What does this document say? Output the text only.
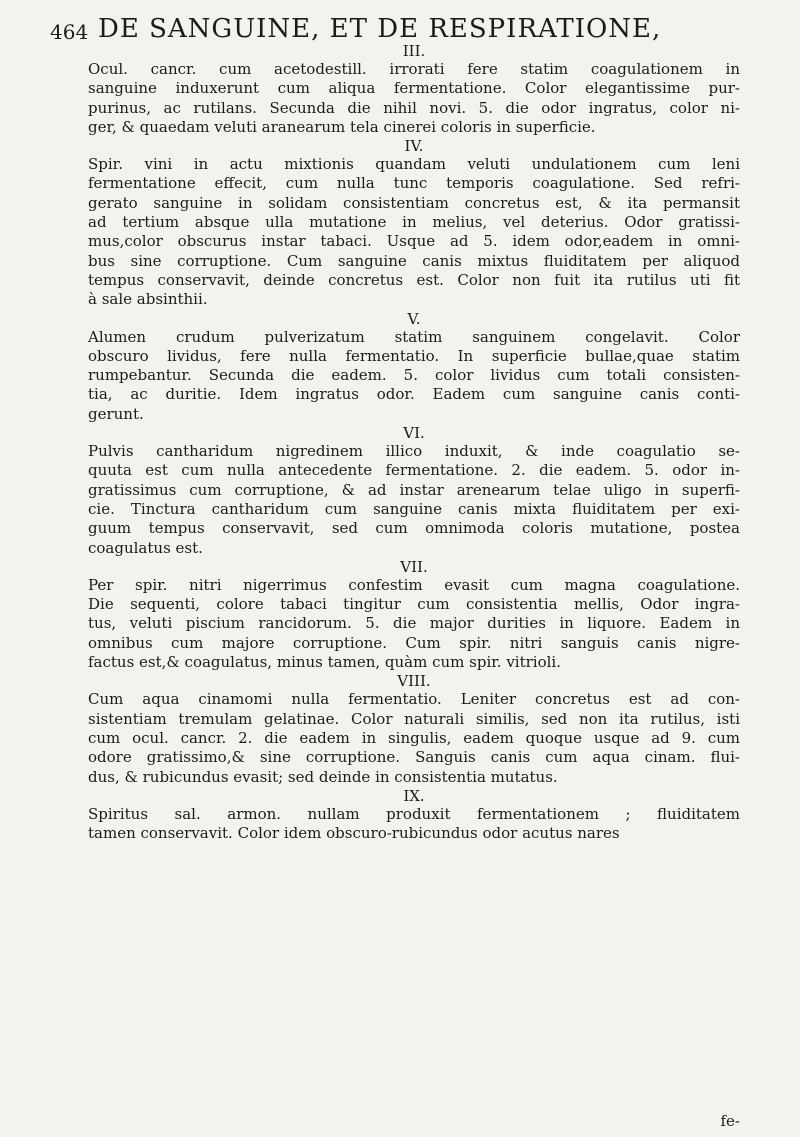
464 DE SANGUINE, ET DE RESPIRATIONE,
III.
Ocul. cancr. cum acetodestill. irrorati fere statim coagulationem in
sanguine induxerunt cum aliqua fermentatione. Color elegantissime pur-
purinus, ac rutilans. Secunda die nihil novi. 5. die odor ingratus, color ni-
ger, & quaedam veluti aranearum tela cinerei coloris in superficie.
IV.
Spir. vini in actu mixtionis quandam veluti undulationem cum leni
fermentatione effecit, cum nulla tunc temporis coagulatione. Sed refri-
gerato sanguine in solidam consistentiam concretus est, & ita permansit
ad tertium absque ulla mutatione in melius, vel deterius. Odor gratissi-
mus,color obscurus instar tabaci. Usque ad 5. idem odor,eadem in omni-
bus sine corruptione. Cum sanguine canis mixtus fluiditatem per aliquod
tempus conservavit, deinde concretus est. Color non fuit ita rutilus uti fit
à sale absinthii.
V.
Alumen crudum pulverizatum statim sanguinem congelavit. Color
obscuro lividus, fere nulla fermentatio. In superficie bullae,quae statim
rumpebantur. Secunda die eadem. 5. color lividus cum totali consisten-
tia, ac duritie. Idem ingratus odor. Eadem cum sanguine canis conti-
gerunt.
VI.
Pulvis cantharidum nigredinem illico induxit, & inde coagulatio se-
quuta est cum nulla antecedente fermentatione. 2. die eadem. 5. odor in-
gratissimus cum corruptione, & ad instar arenearum telae uligo in superfi-
cie. Tinctura cantharidum cum sanguine canis mixta fluiditatem per exi-
guum tempus conservavit, sed cum omnimoda coloris mutatione, postea
coagulatus est.
VII.
Per spir. nitri nigerrimus confestim evasit cum magna coagulatione.
Die sequenti, colore tabaci tingitur cum consistentia mellis, Odor ingra-
tus, veluti piscium rancidorum. 5. die major durities in liquore. Eadem in
omnibus cum majore corruptione. Cum spir. nitri sanguis canis nigre-
factus est,& coagulatus, minus tamen, quàm cum spir. vitrioli.
VIII.
Cum aqua cinamomi nulla fermentatio. Leniter concretus est ad con-
sistentiam tremulam gelatinae. Color naturali similis, sed non ita rutilus, isti
cum ocul. cancr. 2. die eadem in singulis, eadem quoque usque ad 9. cum
odore gratissimo,& sine corruptione. Sanguis canis cum aqua cinam. flui-
dus, & rubicundus evasit; sed deinde in consistentia mutatus.
IX.
Spiritus sal. armon. nullam produxit fermentationem ; fluiditatem
tamen conservavit. Color idem obscuro-rubicundus odor acutus nares
fe-
